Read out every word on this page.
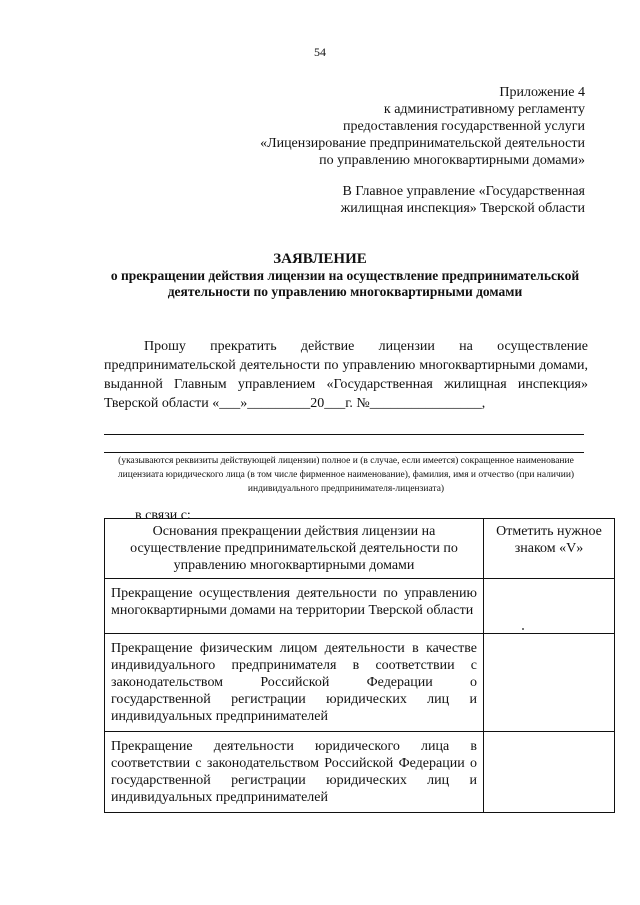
54
Приложение 4
к административному регламенту
предоставления государственной услуги
«Лицензирование предпринимательской деятельности
по управлению многоквартирными домами»
В Главное управление «Государственная
жилищная инспекция» Тверской области
ЗАЯВЛЕНИЕ
о прекращении действия лицензии на осуществление предпринимательской деятельности по управлению многоквартирными домами

Прошу прекратить действие лицензии на осуществление предпринимательской деятельности по управлению многоквартирными домами, выданной Главным управлением «Государственная жилищная инспекция» Тверской области «___»_________20___г. №________________,

(указываются реквизиты действующей лицензии) полное и (в случае, если имеется) сокращенное наименование лицензиата юридического лица (в том числе фирменное наименование), фамилия, имя и отчество (при наличии) индивидуального предпринимателя-лицензиата)
в связи с:
Основания прекращении действия лицензии на осуществление предпринимательской деятельности по управлению многоквартирными домами	Отметить нужное знаком «V»
Прекращение осуществления деятельности по управлению многоквартирными домами на территории Тверской области	

Прекращение физическим лицом деятельности в качестве индивидуального предпринимателя в соответствии с законодательством Российской Федерации о государственной регистрации юридических лиц и индивидуальных предпринимателей	
Прекращение деятельности юридического лица в соответствии с законодательством Российской Федерации о государственной регистрации юридических лиц и индивидуальных предпринимателей	
